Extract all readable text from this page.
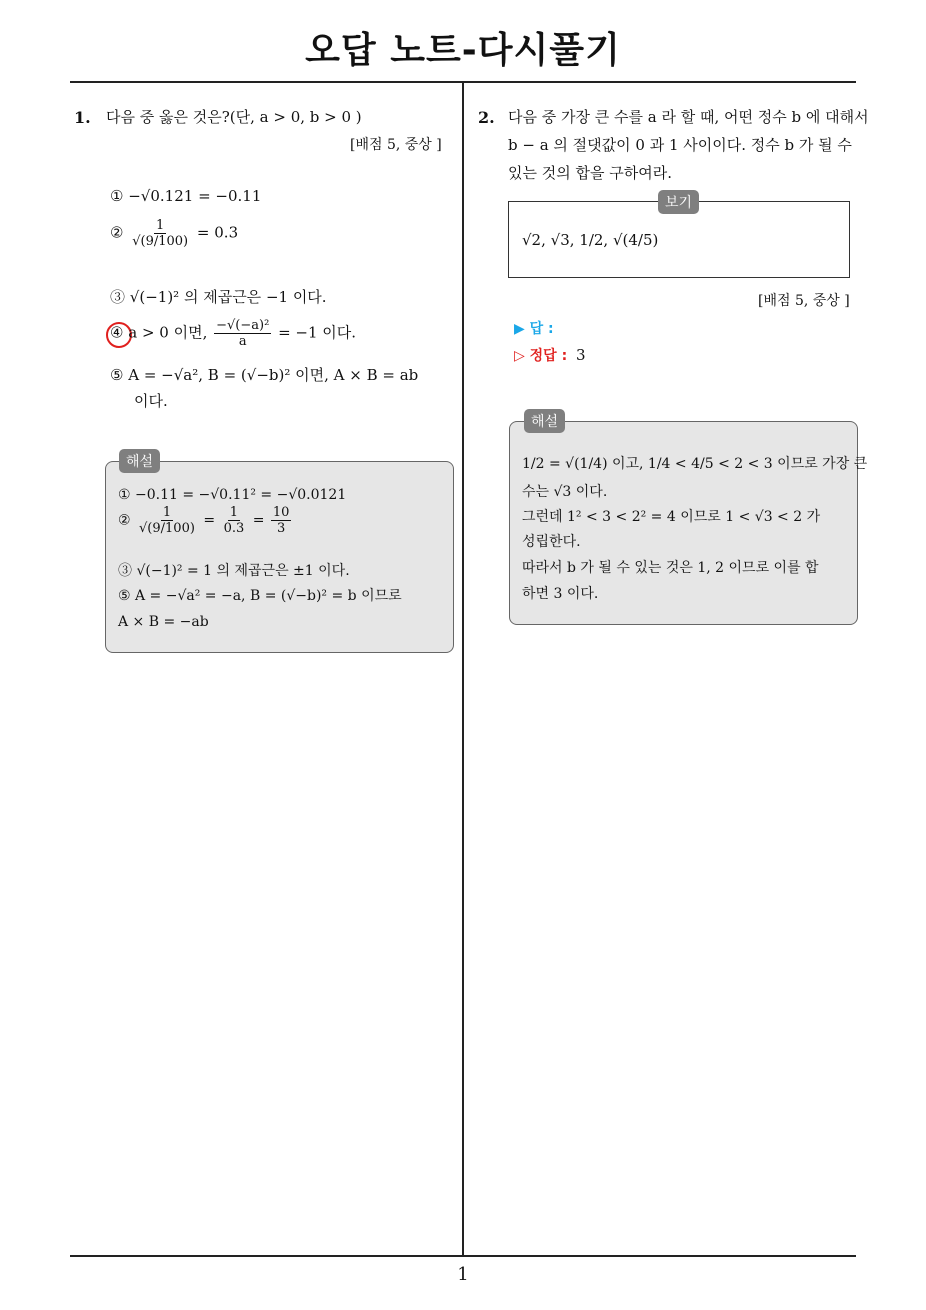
오답 노트-다시풀기
1. 다음 중 옳은 것은?(단, a > 0, b > 0 )
[배점 5, 중상 ]
① −√0.121 = −0.11
② $\frac{1}{√(9/100)} = 0.3$
③ √(−1)² 의 제곱근은 −1 이다.
④ a > 0 이면, $\frac{\text{−√(−a)²}}{a} = -1$ 이다.
⑤ A = −√a², B = (√−b)² 이면, A × B = ab
이다.
해설
① −0.11 = −√0.11² = −√0.0121
② $\frac{1}{√(9/100)} = \frac{1}{0.3} = \frac{10}{3}$
③ √(−1)² = 1 의 제곱근은 ±1 이다.
⑤ A = −√a² = −a, B = (√−b)² = b 이므로
A × B = −ab
2. 다음 중 가장 큰 수를 a 라 할 때, 어떤 정수 b 에 대해서
b − a 의 절댓값이 0 과 1 사이이다. 정수 b 가 될 수
있는 것의 합을 구하여라.
보기
√2, √3, 1/2, √(4/5)
[배점 5, 중상 ]
▶ 답 :
▷ 정답 : 3
해설
1/2 = √(1/4) 이고, 1/4 < 4/5 < 2 < 3 이므로 가장 큰
수는 √3 이다.
그런데 1² < 3 < 2² = 4 이므로 1 < √3 < 2 가
성립한다.
따라서 b 가 될 수 있는 것은 1, 2 이므로 이를 합
하면 3 이다.
1
